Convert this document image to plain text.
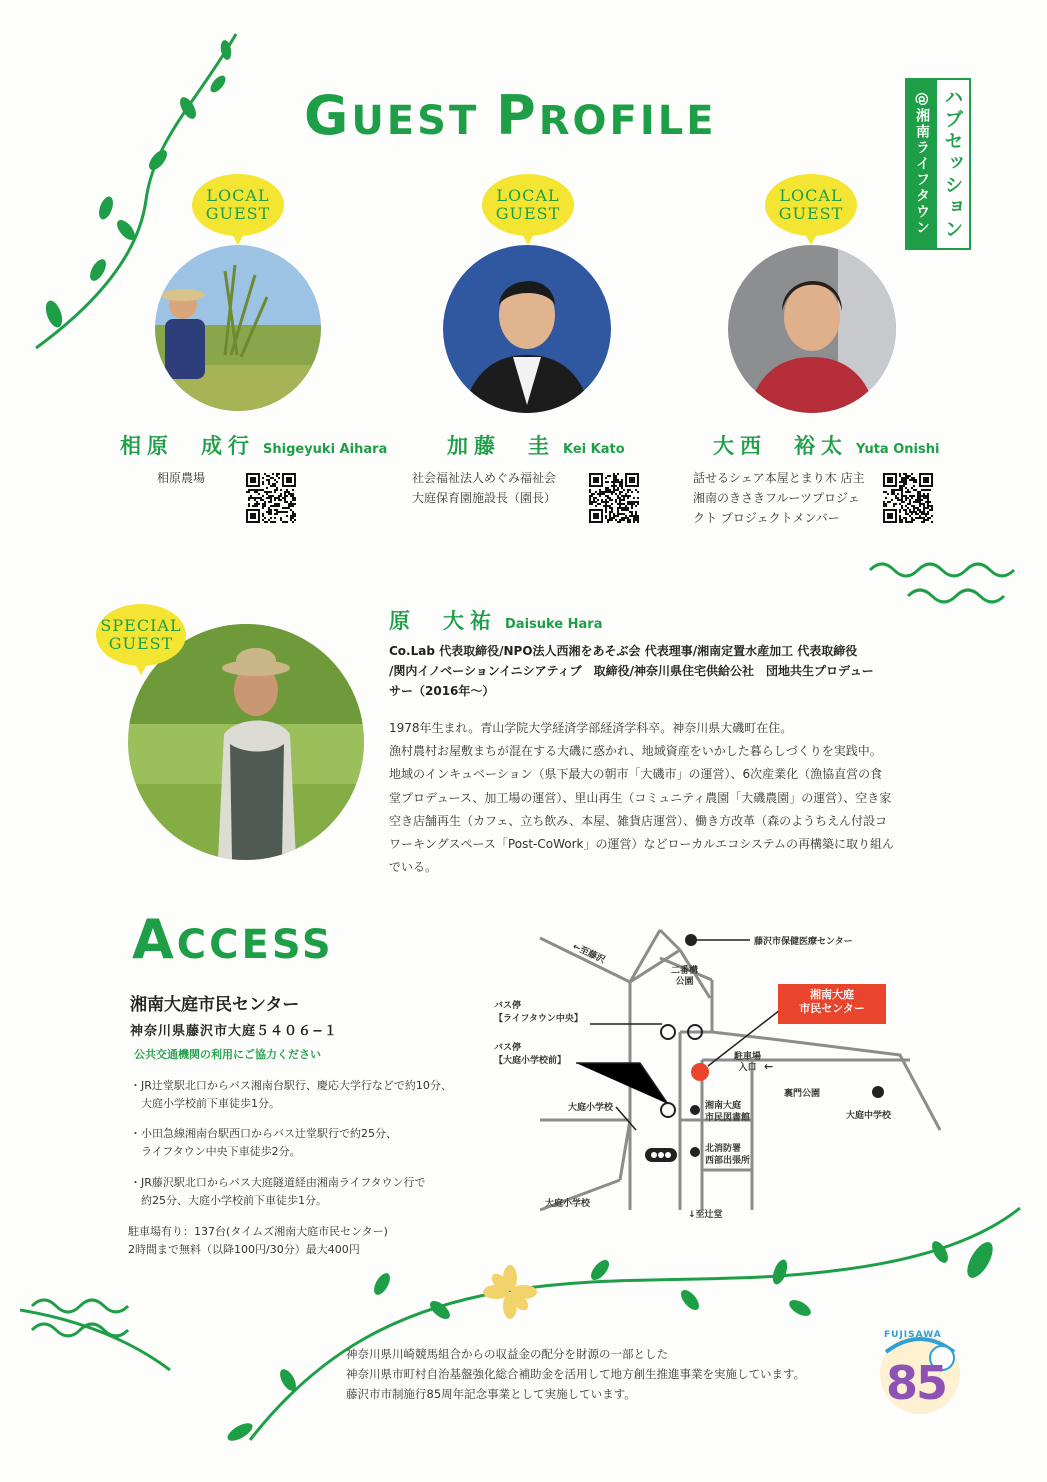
GUEST PROFILE	@湘南ライフタウン ハブセッション
LOCAL
GUEST
相原　成行 Shigeyuki Aihara
相原農場
LOCAL
GUEST
加藤　圭 Kei Kato
社会福祉法人めぐみ福祉会
大庭保育園施設長（園長）
LOCAL
GUEST
大西　裕太 Yuta Onishi
話せるシェア本屋とまり木 店主
湘南のきさきフルーツプロジェ
クト プロジェクトメンバー
SPECIAL
GUEST
原　大祐 Daisuke Hara
Co.Lab 代表取締役/NPO法人西湘をあそぶ会 代表理事/湘南定置水産加工 代表取締役
/関内イノベーションイニシアティブ　取締役/神奈川県住宅供給公社　団地共生プロデュー
サー（2016年～）
1978年生まれ。青山学院大学経済学部経済学科卒。神奈川県大磯町在住。
漁村農村お屋敷まちが混在する大磯に惑かれ、地域資産をいかした暮らしづくりを実践中。
地域のインキュベーション（県下最大の朝市「大磯市」の運営）、6次産業化（漁協直営の食
堂プロデュース、加工場の運営）、里山再生（コミュニティ農園「大磯農園」の運営）、空き家
空き店舗再生（カフェ、立ち飲み、本屋、雑貨店運営）、働き方改革（森のようちえん付設コ
ワーキングスペース「Post-CoWork」の運営）などローカルエコシステムの再構築に取り組ん
でいる。
ACCESS
湘南大庭市民センター
神奈川県藤沢市大庭５４０６−１
公共交通機関の利用にご協力ください
・JR辻堂駅北口からバス湘南台駅行、慶応大学行などで約10分、
　大庭小学校前下車徒歩1分。
・小田急線湘南台駅西口からバス辻堂駅行で約25分、
　ライフタウン中央下車徒歩2分。
・JR藤沢駅北口からバス大庭隧道経由湘南ライフタウン行で
　約25分、大庭小学校前下車徒歩1分。
駐車場有り：137台(タイムズ湘南大庭市民センター)
2時間まで無料（以降100円/30分）最大400円
藤沢市保健医療センター
←至藤沢
二番構
公園
湘南大庭
市民センター
バス停
【ライフタウン中央】
バス停
【大庭小学校前】	駐車場
入口 ←
裏門公園
大庭中学校
大庭小学校	湘南大庭
市民図書館
北消防署
西部出張所
大庭小学校
↓至辻堂
神奈川県川崎競馬組合からの収益金の配分を財源の一部とした
神奈川県市町村自治基盤強化総合補助金を活用して地方創生推進事業を実施しています。
藤沢市市制施行85周年記念事業として実施しています。
FUJISAWA
85
